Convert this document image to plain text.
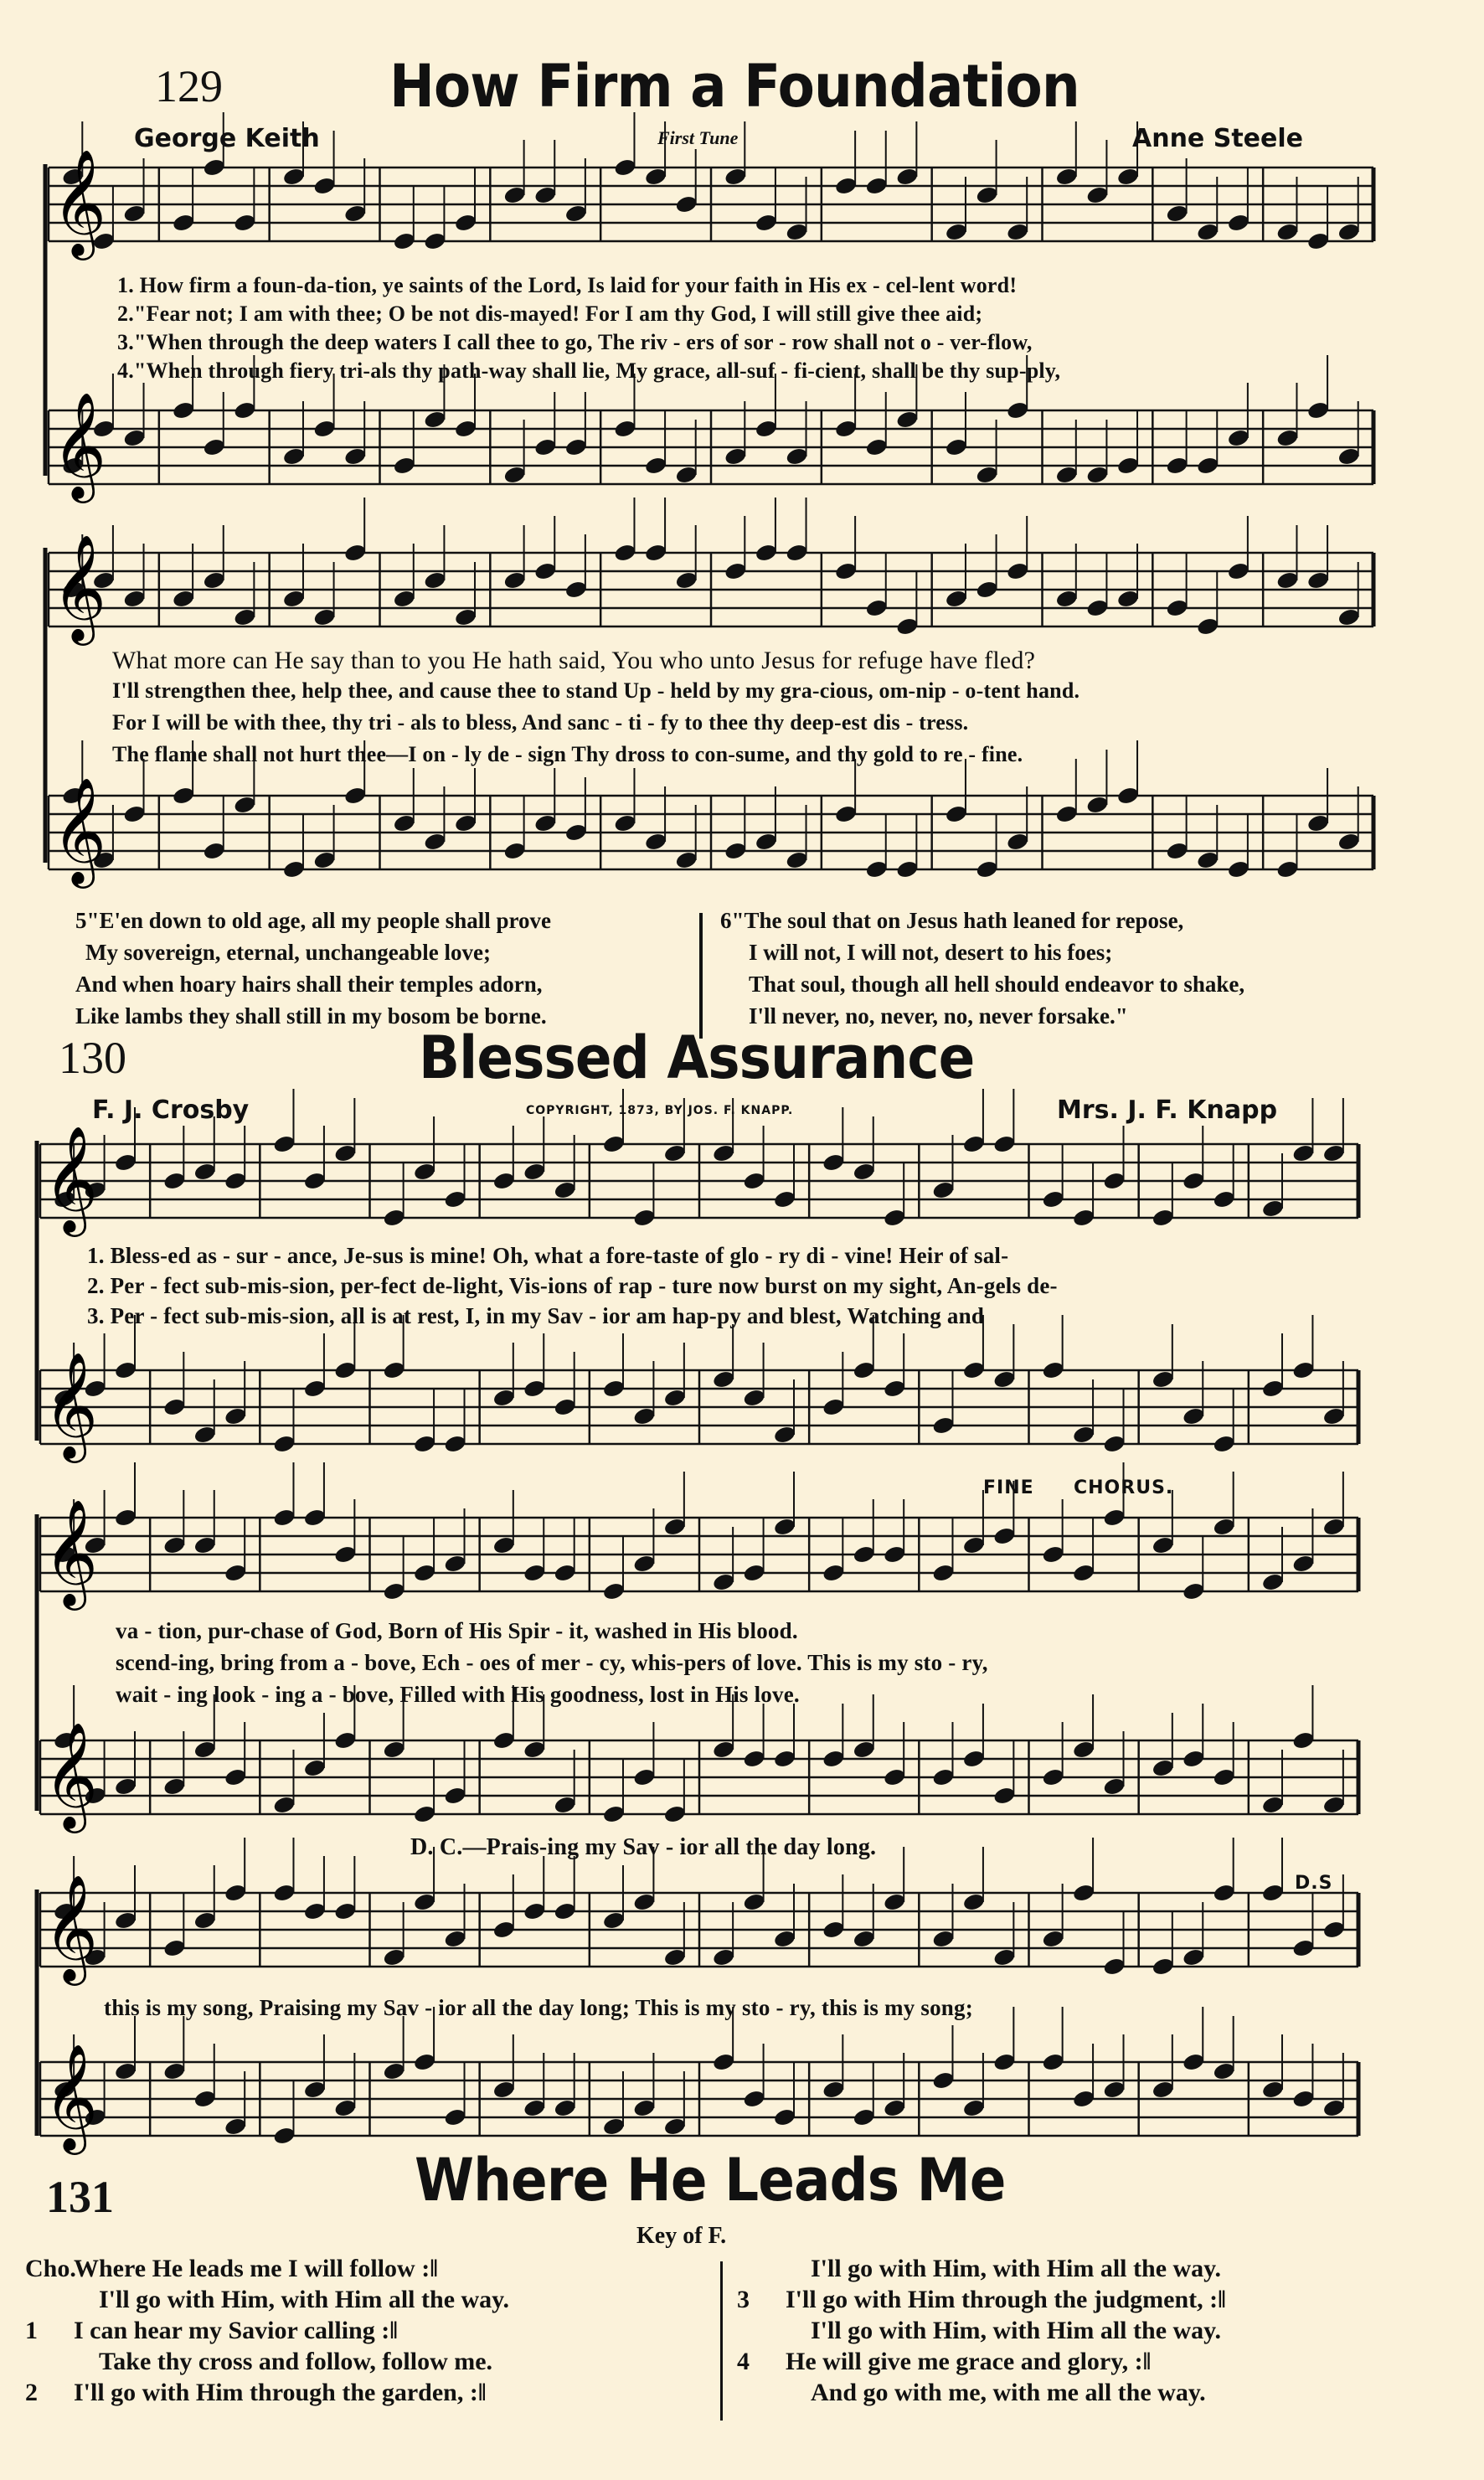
𝄞
𝄞
𝄞
𝄞
𝄞
𝄞
𝄞
𝄞
𝄞
𝄞
129	How Firm a Foundation
George Keith	First Tune	Anne Steele
1. How firm a foun-da-tion, ye saints of the Lord, Is laid for your faith in His ex - cel-lent word!
2."Fear not; I am with thee; O be not dis-mayed! For I am thy God, I will still give thee aid;
3."When through the deep waters I call thee to go, The riv - ers of sor - row shall not o - ver-flow,
4."When through fiery tri-als thy path-way shall lie, My grace, all-suf - fi-cient, shall be thy sup-ply,
What more can He say than to you He hath said, You who unto Jesus for refuge have fled?
I'll strengthen thee, help thee, and cause thee to stand Up - held by my gra-cious, om-nip - o-tent hand.
For I will be with thee, thy tri - als to bless, And sanc - ti - fy to thee thy deep-est dis - tress.
The flame shall not hurt thee—I on - ly de - sign Thy dross to con-sume, and thy gold to re - fine.
5"E'en down to old age, all my people shall prove
My sovereign, eternal, unchangeable love;
And when hoary hairs shall their temples adorn,
Like lambs they shall still in my bosom be borne.
6"The soul that on Jesus hath leaned for repose,
I will not, I will not, desert to his foes;
That soul, though all hell should endeavor to shake,
I'll never, no, never, no, never forsake."
130	Blessed Assurance
F. J. Crosby	COPYRIGHT, 1873, BY JOS. F. KNAPP.	Mrs. J. F. Knapp
1. Bless-ed as - sur - ance, Je-sus is mine! Oh, what a fore-taste of glo - ry di - vine! Heir of sal-
2. Per - fect sub-mis-sion, per-fect de-light, Vis-ions of rap - ture now burst on my sight, An-gels de-
3. Per - fect sub-mis-sion, all is at rest, I, in my Sav - ior am hap-py and blest, Watching and
FINE CHORUS.
va - tion, pur-chase of God, Born of His Spir - it, washed in His blood.
scend-ing, bring from a - bove, Ech - oes of mer - cy, whis-pers of love. This is my sto - ry,
wait - ing look - ing a - bove, Filled with His goodness, lost in His love.
D. C.—Prais-ing my Sav - ior all the day long.
D.S
this is my song, Praising my Sav - ior all the day long; This is my sto - ry, this is my song;
131	Where He Leads Me
Key of F.
Cho.
Where He leads me I will follow :‖
I'll go with Him, with Him all the way.
1	I can hear my Savior calling :‖
Take thy cross and follow, follow me.
2	I'll go with Him through the garden, :‖
I'll go with Him, with Him all the way.
3	I'll go with Him through the judgment, :‖
I'll go with Him, with Him all the way.
4	He will give me grace and glory, :‖
And go with me, with me all the way.
